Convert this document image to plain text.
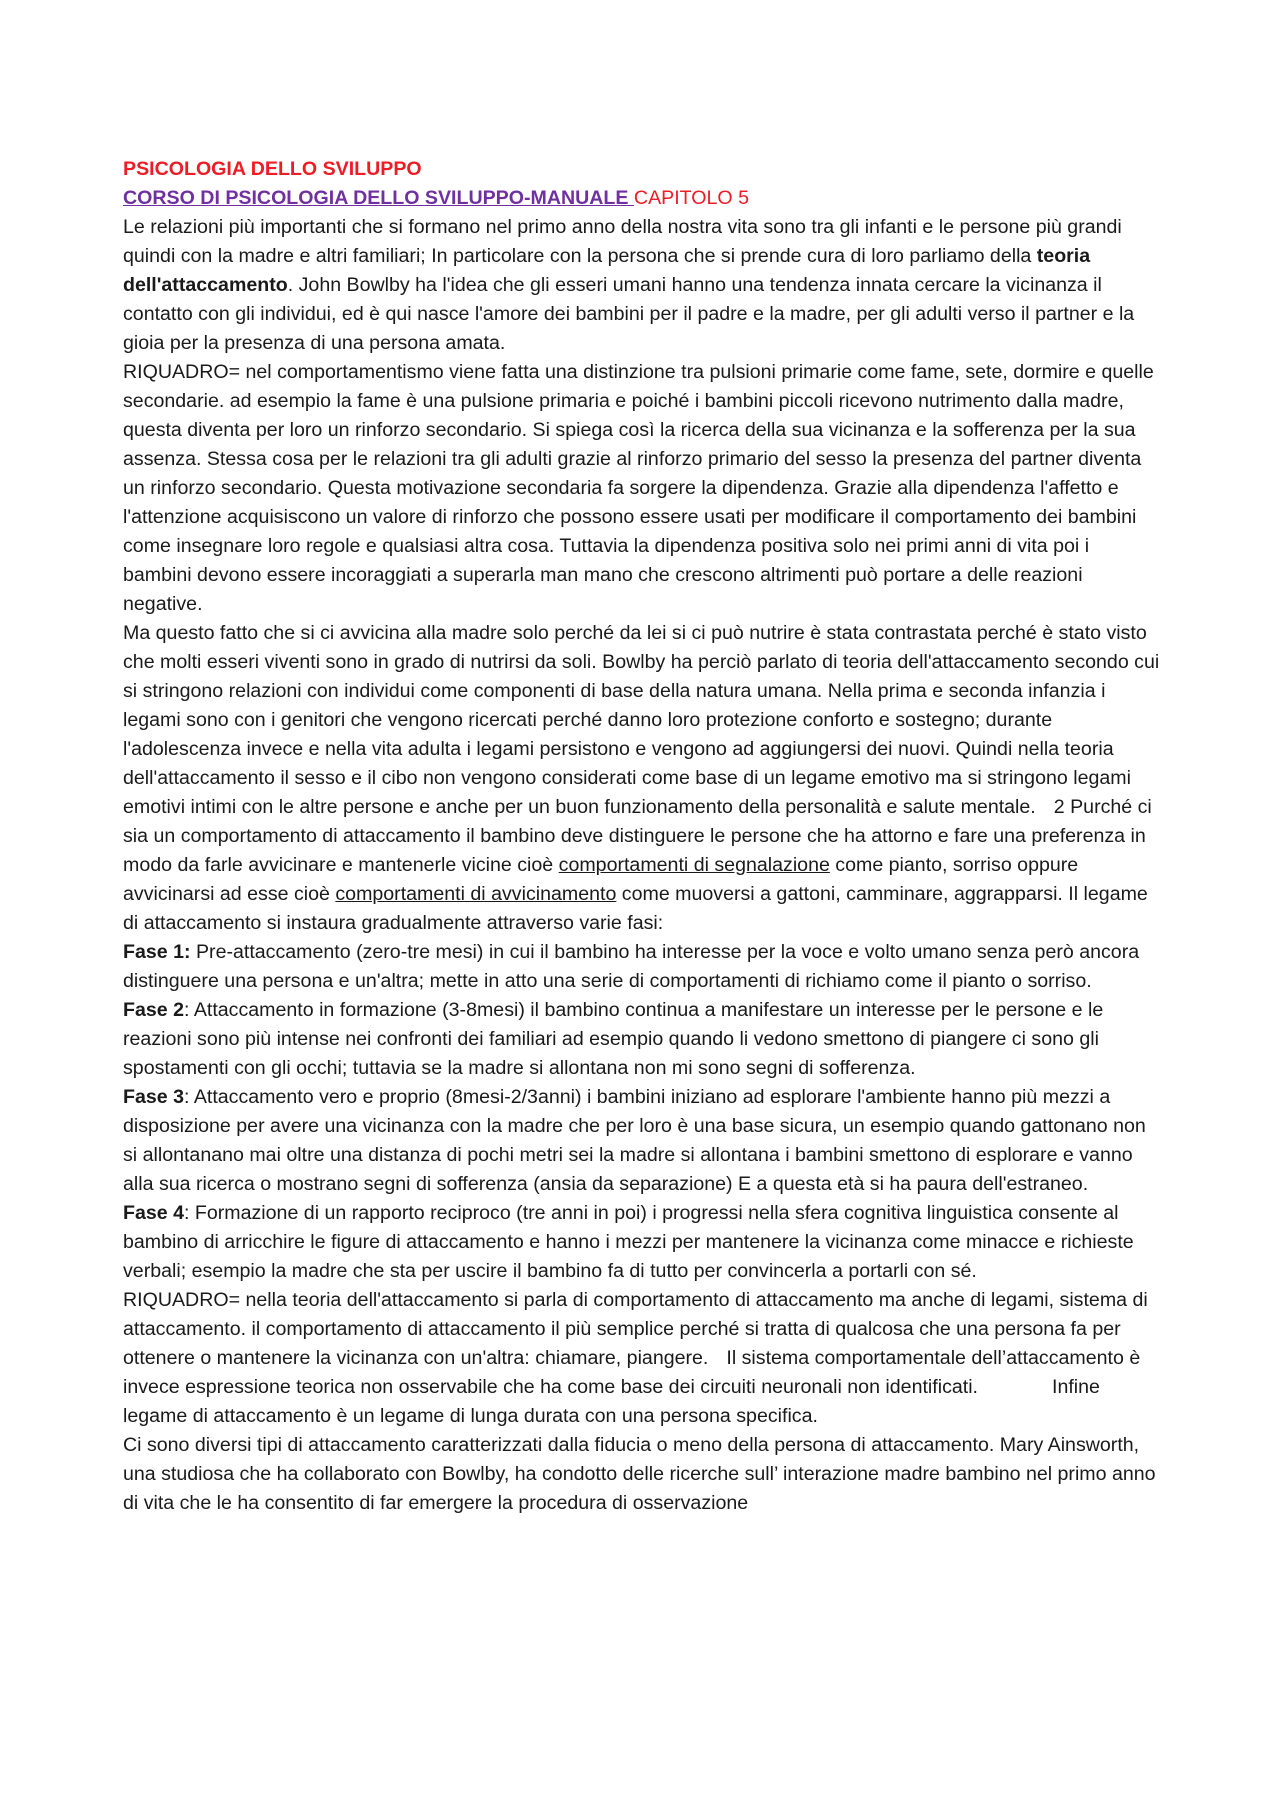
PSICOLOGIA DELLO SVILUPPO

CORSO DI PSICOLOGIA DELLO SVILUPPO-MANUALE CAPITOLO 5

Le relazioni più importanti che si formano nel primo anno della nostra vita sono tra gli infanti e le persone più grandi quindi con la madre e altri familiari; In particolare con la persona che si prende cura di loro parliamo della teoria dell'attaccamento. John Bowlby ha l'idea che gli esseri umani hanno una tendenza innata cercare la vicinanza il contatto con gli individui, ed è qui nasce l'amore dei bambini per il padre e la madre, per gli adulti verso il partner e la gioia per la presenza di una persona amata.

RIQUADRO= nel comportamentismo viene fatta una distinzione tra pulsioni primarie come fame, sete, dormire e quelle secondarie. ad esempio la fame è una pulsione primaria e poiché i bambini piccoli ricevono nutrimento dalla madre, questa diventa per loro un rinforzo secondario. Si spiega così la ricerca della sua vicinanza e la sofferenza per la sua assenza. Stessa cosa per le relazioni tra gli adulti grazie al rinforzo primario del sesso la presenza del partner diventa un rinforzo secondario. Questa motivazione secondaria fa sorgere la dipendenza. Grazie alla dipendenza l'affetto e l'attenzione acquisiscono un valore di rinforzo che possono essere usati per modificare il comportamento dei bambini come insegnare loro regole e qualsiasi altra cosa. Tuttavia la dipendenza positiva solo nei primi anni di vita poi i bambini devono essere incoraggiati a superarla man mano che crescono altrimenti può portare a delle reazioni negative.

Ma questo fatto che si ci avvicina alla madre solo perché da lei si ci può nutrire è stata contrastata perché è stato visto che molti esseri viventi sono in grado di nutrirsi da soli. Bowlby ha perciò parlato di teoria dell'attaccamento secondo cui si stringono relazioni con individui come componenti di base della natura umana. Nella prima e seconda infanzia i legami sono con i genitori che vengono ricercati perché danno loro protezione conforto e sostegno; durante l'adolescenza invece e nella vita adulta i legami persistono e vengono ad aggiungersi dei nuovi. Quindi nella teoria dell'attaccamento il sesso e il cibo non vengono considerati come base di un legame emotivo ma si stringono legami emotivi intimi con le altre persone e anche per un buon funzionamento della personalità e salute mentale. 2 Purché ci sia un comportamento di attaccamento il bambino deve distinguere le persone che ha attorno e fare una preferenza in modo da farle avvicinare e mantenerle vicine cioè comportamenti di segnalazione come pianto, sorriso oppure avvicinarsi ad esse cioè comportamenti di avvicinamento come muoversi a gattoni, camminare, aggrapparsi. Il legame di attaccamento si instaura gradualmente attraverso varie fasi:

Fase 1: Pre-attaccamento (zero-tre mesi) in cui il bambino ha interesse per la voce e volto umano senza però ancora distinguere una persona e un'altra; mette in atto una serie di comportamenti di richiamo come il pianto o sorriso.

Fase 2: Attaccamento in formazione (3-8mesi) il bambino continua a manifestare un interesse per le persone e le reazioni sono più intense nei confronti dei familiari ad esempio quando li vedono smettono di piangere ci sono gli spostamenti con gli occhi; tuttavia se la madre si allontana non mi sono segni di sofferenza.

Fase 3: Attaccamento vero e proprio (8mesi-2/3anni) i bambini iniziano ad esplorare l'ambiente hanno più mezzi a disposizione per avere una vicinanza con la madre che per loro è una base sicura, un esempio quando gattonano non si allontanano mai oltre una distanza di pochi metri sei la madre si allontana i bambini smettono di esplorare e vanno alla sua ricerca o mostrano segni di sofferenza (ansia da separazione) E a questa età si ha paura dell'estraneo.

Fase 4: Formazione di un rapporto reciproco (tre anni in poi) i progressi nella sfera cognitiva linguistica consente al bambino di arricchire le figure di attaccamento e hanno i mezzi per mantenere la vicinanza come minacce e richieste verbali; esempio la madre che sta per uscire il bambino fa di tutto per convincerla a portarli con sé.

RIQUADRO= nella teoria dell'attaccamento si parla di comportamento di attaccamento ma anche di legami, sistema di attaccamento. il comportamento di attaccamento il più semplice perché si tratta di qualcosa che una persona fa per ottenere o mantenere la vicinanza con un'altra: chiamare, piangere. Il sistema comportamentale dell’attaccamento è invece espressione teorica non osservabile che ha come base dei circuiti neuronali non identificati.	Infine legame di attaccamento è un legame di lunga durata con una persona specifica.

Ci sono diversi tipi di attaccamento caratterizzati dalla fiducia o meno della persona di attaccamento. Mary Ainsworth, una studiosa che ha collaborato con Bowlby, ha condotto delle ricerche sull’ interazione madre bambino nel primo anno di vita che le ha consentito di far emergere la procedura di osservazione
